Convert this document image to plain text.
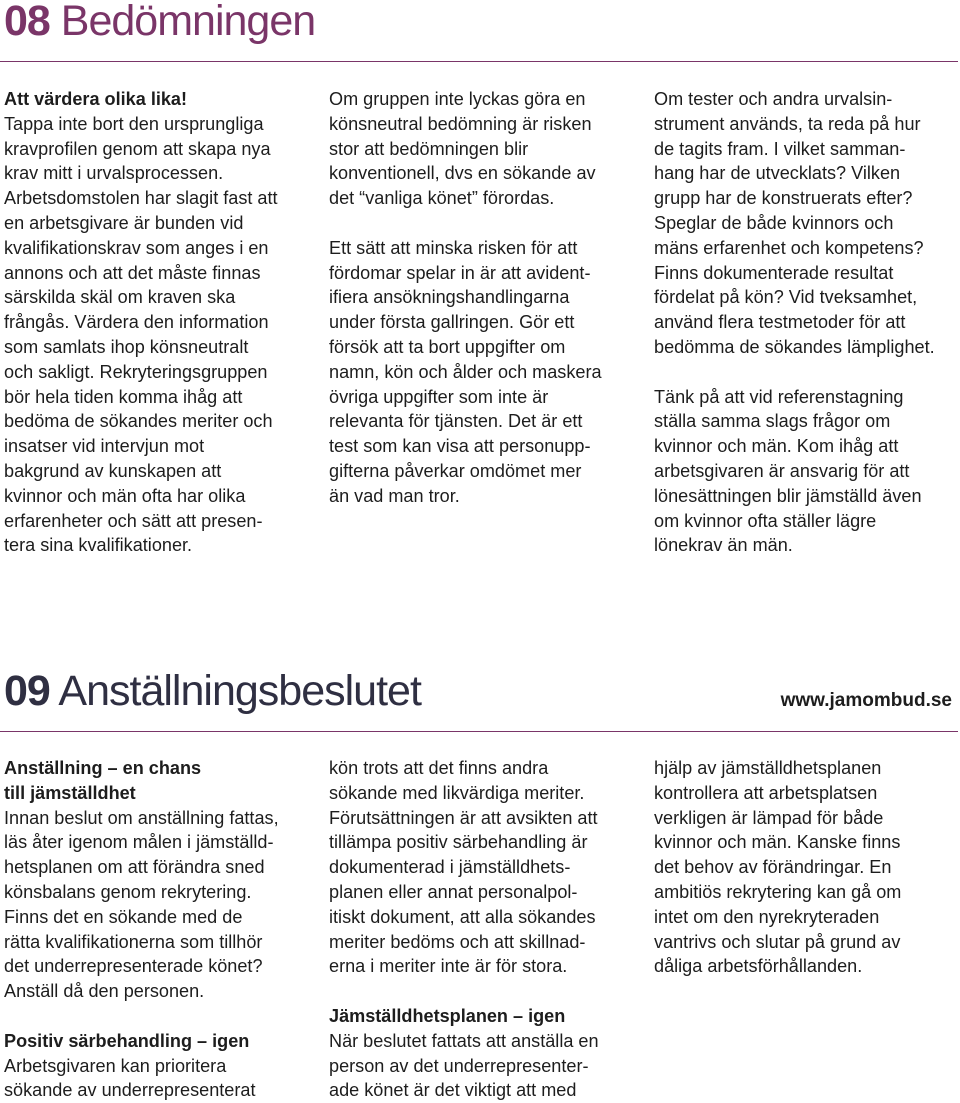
08 Bedömningen
Att värdera olika lika!
Tappa inte bort den ursprungliga
kravprofilen genom att skapa nya
krav mitt i urvalsprocessen.
Arbetsdomstolen har slagit fast att
en arbetsgivare är bunden vid
kvalifikationskrav som anges i en
annons och att det måste finnas
särskilda skäl om kraven ska
frångås. Värdera den information
som samlats ihop könsneutralt
och sakligt. Rekryteringsgruppen
bör hela tiden komma ihåg att
bedöma de sökandes meriter och
insatser vid intervjun mot
bakgrund av kunskapen att
kvinnor och män ofta har olika
erfarenheter och sätt att presen-
tera sina kvalifikationer.
Om gruppen inte lyckas göra en
könsneutral bedömning är risken
stor att bedömningen blir
konventionell, dvs en sökande av
det “vanliga könet” förordas.
Ett sätt att minska risken för att
fördomar spelar in är att avident-
ifiera ansökningshandlingarna
under första gallringen. Gör ett
försök att ta bort uppgifter om
namn, kön och ålder och maskera
övriga uppgifter som inte är
relevanta för tjänsten. Det är ett
test som kan visa att personupp-
gifterna påverkar omdömet mer
än vad man tror.
Om tester och andra urvalsin-
strument används, ta reda på hur
de tagits fram. I vilket samman-
hang har de utvecklats? Vilken
grupp har de konstruerats efter?
Speglar de både kvinnors och
mäns erfarenhet och kompetens?
Finns dokumenterade resultat
fördelat på kön? Vid tveksamhet,
använd flera testmetoder för att
bedömma de sökandes lämplighet.
Tänk på att vid referenstagning
ställa samma slags frågor om
kvinnor och män. Kom ihåg att
arbetsgivaren är ansvarig för att
lönesättningen blir jämställd även
om kvinnor ofta ställer lägre
lönekrav än män.
09 Anställningsbeslutet	www.jamombud.se
Anställning – en chans
till jämställdhet
Innan beslut om anställning fattas,
läs åter igenom målen i jämställd-
hetsplanen om att förändra sned
könsbalans genom rekrytering.
Finns det en sökande med de
rätta kvalifikationerna som tillhör
det underrepresenterade könet?
Anställ då den personen.
Positiv särbehandling – igen
Arbetsgivaren kan prioritera
sökande av underrepresenterat
kön trots att det finns andra
sökande med likvärdiga meriter.
Förutsättningen är att avsikten att
tillämpa positiv särbehandling är
dokumenterad i jämställdhets-
planen eller annat personalpol-
itiskt dokument, att alla sökandes
meriter bedöms och att skillnad-
erna i meriter inte är för stora.
Jämställdhetsplanen – igen
När beslutet fattats att anställa en
person av det underrepresenter-
ade könet är det viktigt att med
hjälp av jämställdhetsplanen
kontrollera att arbetsplatsen
verkligen är lämpad för både
kvinnor och män. Kanske finns
det behov av förändringar. En
ambitiös rekrytering kan gå om
intet om den nyrekryteraden
vantrivs och slutar på grund av
dåliga arbetsförhållanden.
